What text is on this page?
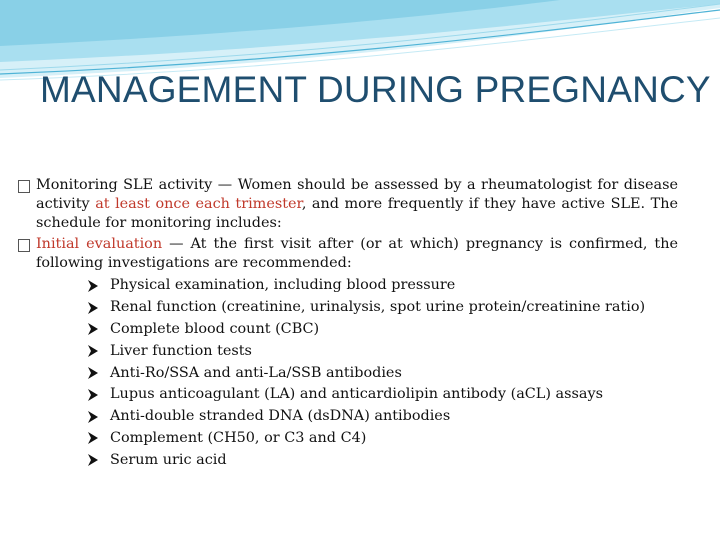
MANAGEMENT DURING PREGNANCY
Monitoring SLE activity — Women should be assessed by a rheumatologist for disease activity at least once each trimester, and more frequently if they have active SLE. The schedule for monitoring includes:
Initial evaluation — At the first visit after (or at which) pregnancy is confirmed, the following investigations are recommended:
Physical examination, including blood pressure
Renal function (creatinine, urinalysis, spot urine protein/creatinine ratio)
Complete blood count (CBC)
Liver function tests
Anti-Ro/SSA and anti-La/SSB antibodies
Lupus anticoagulant (LA) and anticardiolipin antibody (aCL) assays
Anti-double stranded DNA (dsDNA) antibodies
Complement (CH50, or C3 and C4)
Serum uric acid
